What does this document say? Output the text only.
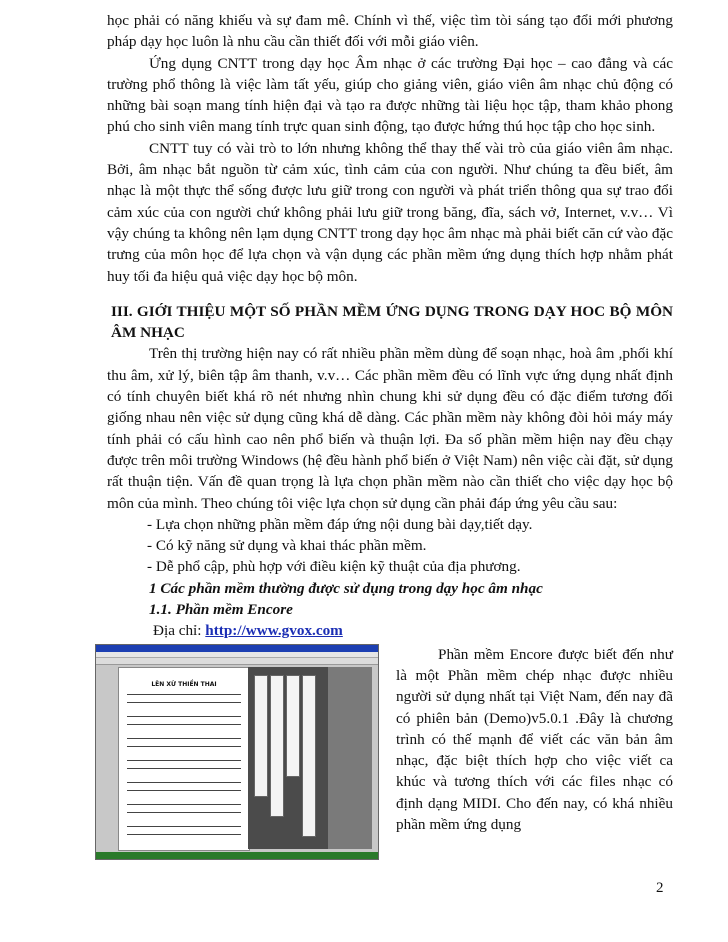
học phải có năng khiếu và sự đam mê. Chính vì thế, việc tìm tòi sáng tạo đổi mới phương pháp dạy học luôn là nhu cầu cần thiết đối với mỗi giáo viên.

Ứng dụng CNTT trong dạy học Âm nhạc ở các trường Đại học – cao đẳng và các trường phổ thông là việc làm tất yếu, giúp cho giảng viên, giáo viên âm nhạc chủ động có những bài soạn mang tính hiện đại và tạo ra được những tài liệu học tập, tham khảo phong phú cho sinh viên mang tính trực quan sinh động, tạo được hứng thú học tập cho học sinh.

CNTT tuy có vài trò to lớn nhưng không thể thay thế vài trò của giáo viên âm nhạc. Bởi, âm nhạc bắt nguồn từ cảm xúc, tình cảm của con người. Như chúng ta đều biết, âm nhạc là một thực thể sống được lưu giữ trong con người và phát triển thông qua sự trao đổi cảm xúc của con người chứ không phải lưu giữ trong băng, đĩa, sách vở, Internet, v.v… Vì vậy chúng ta không nên lạm dụng CNTT trong dạy học âm nhạc mà phải biết căn cứ vào đặc trưng của môn học để lựa chọn và vận dụng các phần mềm ứng dụng thích hợp nhằm phát huy tối đa hiệu quả việc dạy học bộ môn.

III. GIỚI THIỆU MỘT SỐ PHẦN MỀM ỨNG DỤNG TRONG DẠY HOC BỘ MÔN ÂM NHẠC

Trên thị trường hiện nay có rất nhiều phần mềm dùng để soạn nhạc, hoà âm ,phối khí thu âm, xử lý, biên tập âm thanh, v.v… Các phần mềm đều có lĩnh vực ứng dụng nhất định có tính chuyên biết khá rõ nét nhưng nhìn chung khi sử dụng đều có đặc điểm tương đối giống nhau nên việc sử dụng cũng khá dễ dàng. Các phần mềm này không đòi hỏi máy máy tính phải có cấu hình cao nên phổ biến và thuận lợi. Đa số phần mềm hiện nay đều chạy được trên môi trường Windows (hệ đều hành phổ biến ở Việt Nam) nên việc cài đặt, sử dụng rất thuận tiện. Vấn đề quan trọng là lựa chọn phần mềm nào cần thiết cho việc dạy học bộ môn của mình. Theo chúng tôi việc lựa chọn sử dụng cần phải đáp ứng yêu cầu sau:

- Lựa chọn những phần mềm đáp ứng nội dung bài dạy,tiết dạy.

- Có kỹ năng sử dụng và khai thác phần mềm.

- Dễ phổ cập, phù hợp với điều kiện kỹ thuật của địa phương.

1 Các phần mềm thường được sử dụng trong dạy học âm nhạc

1.1. Phần mềm Encore

Địa chỉ: http://www.gvox.com

LÊN XỪ THIỀN THAI

Phần mềm Encore được biết đến như là một Phần mềm chép nhạc được nhiều người sử dụng nhất tại Việt Nam, đến nay đã có phiên bản (Demo)v5.0.1 .Đây là chương trình có thế mạnh để viết các văn bản âm nhạc, đặc biệt thích hợp cho việc viết ca khúc và tương thích với các files nhạc có định dạng MIDI. Cho đến nay, có khá nhiều phần mềm ứng dụng

2
